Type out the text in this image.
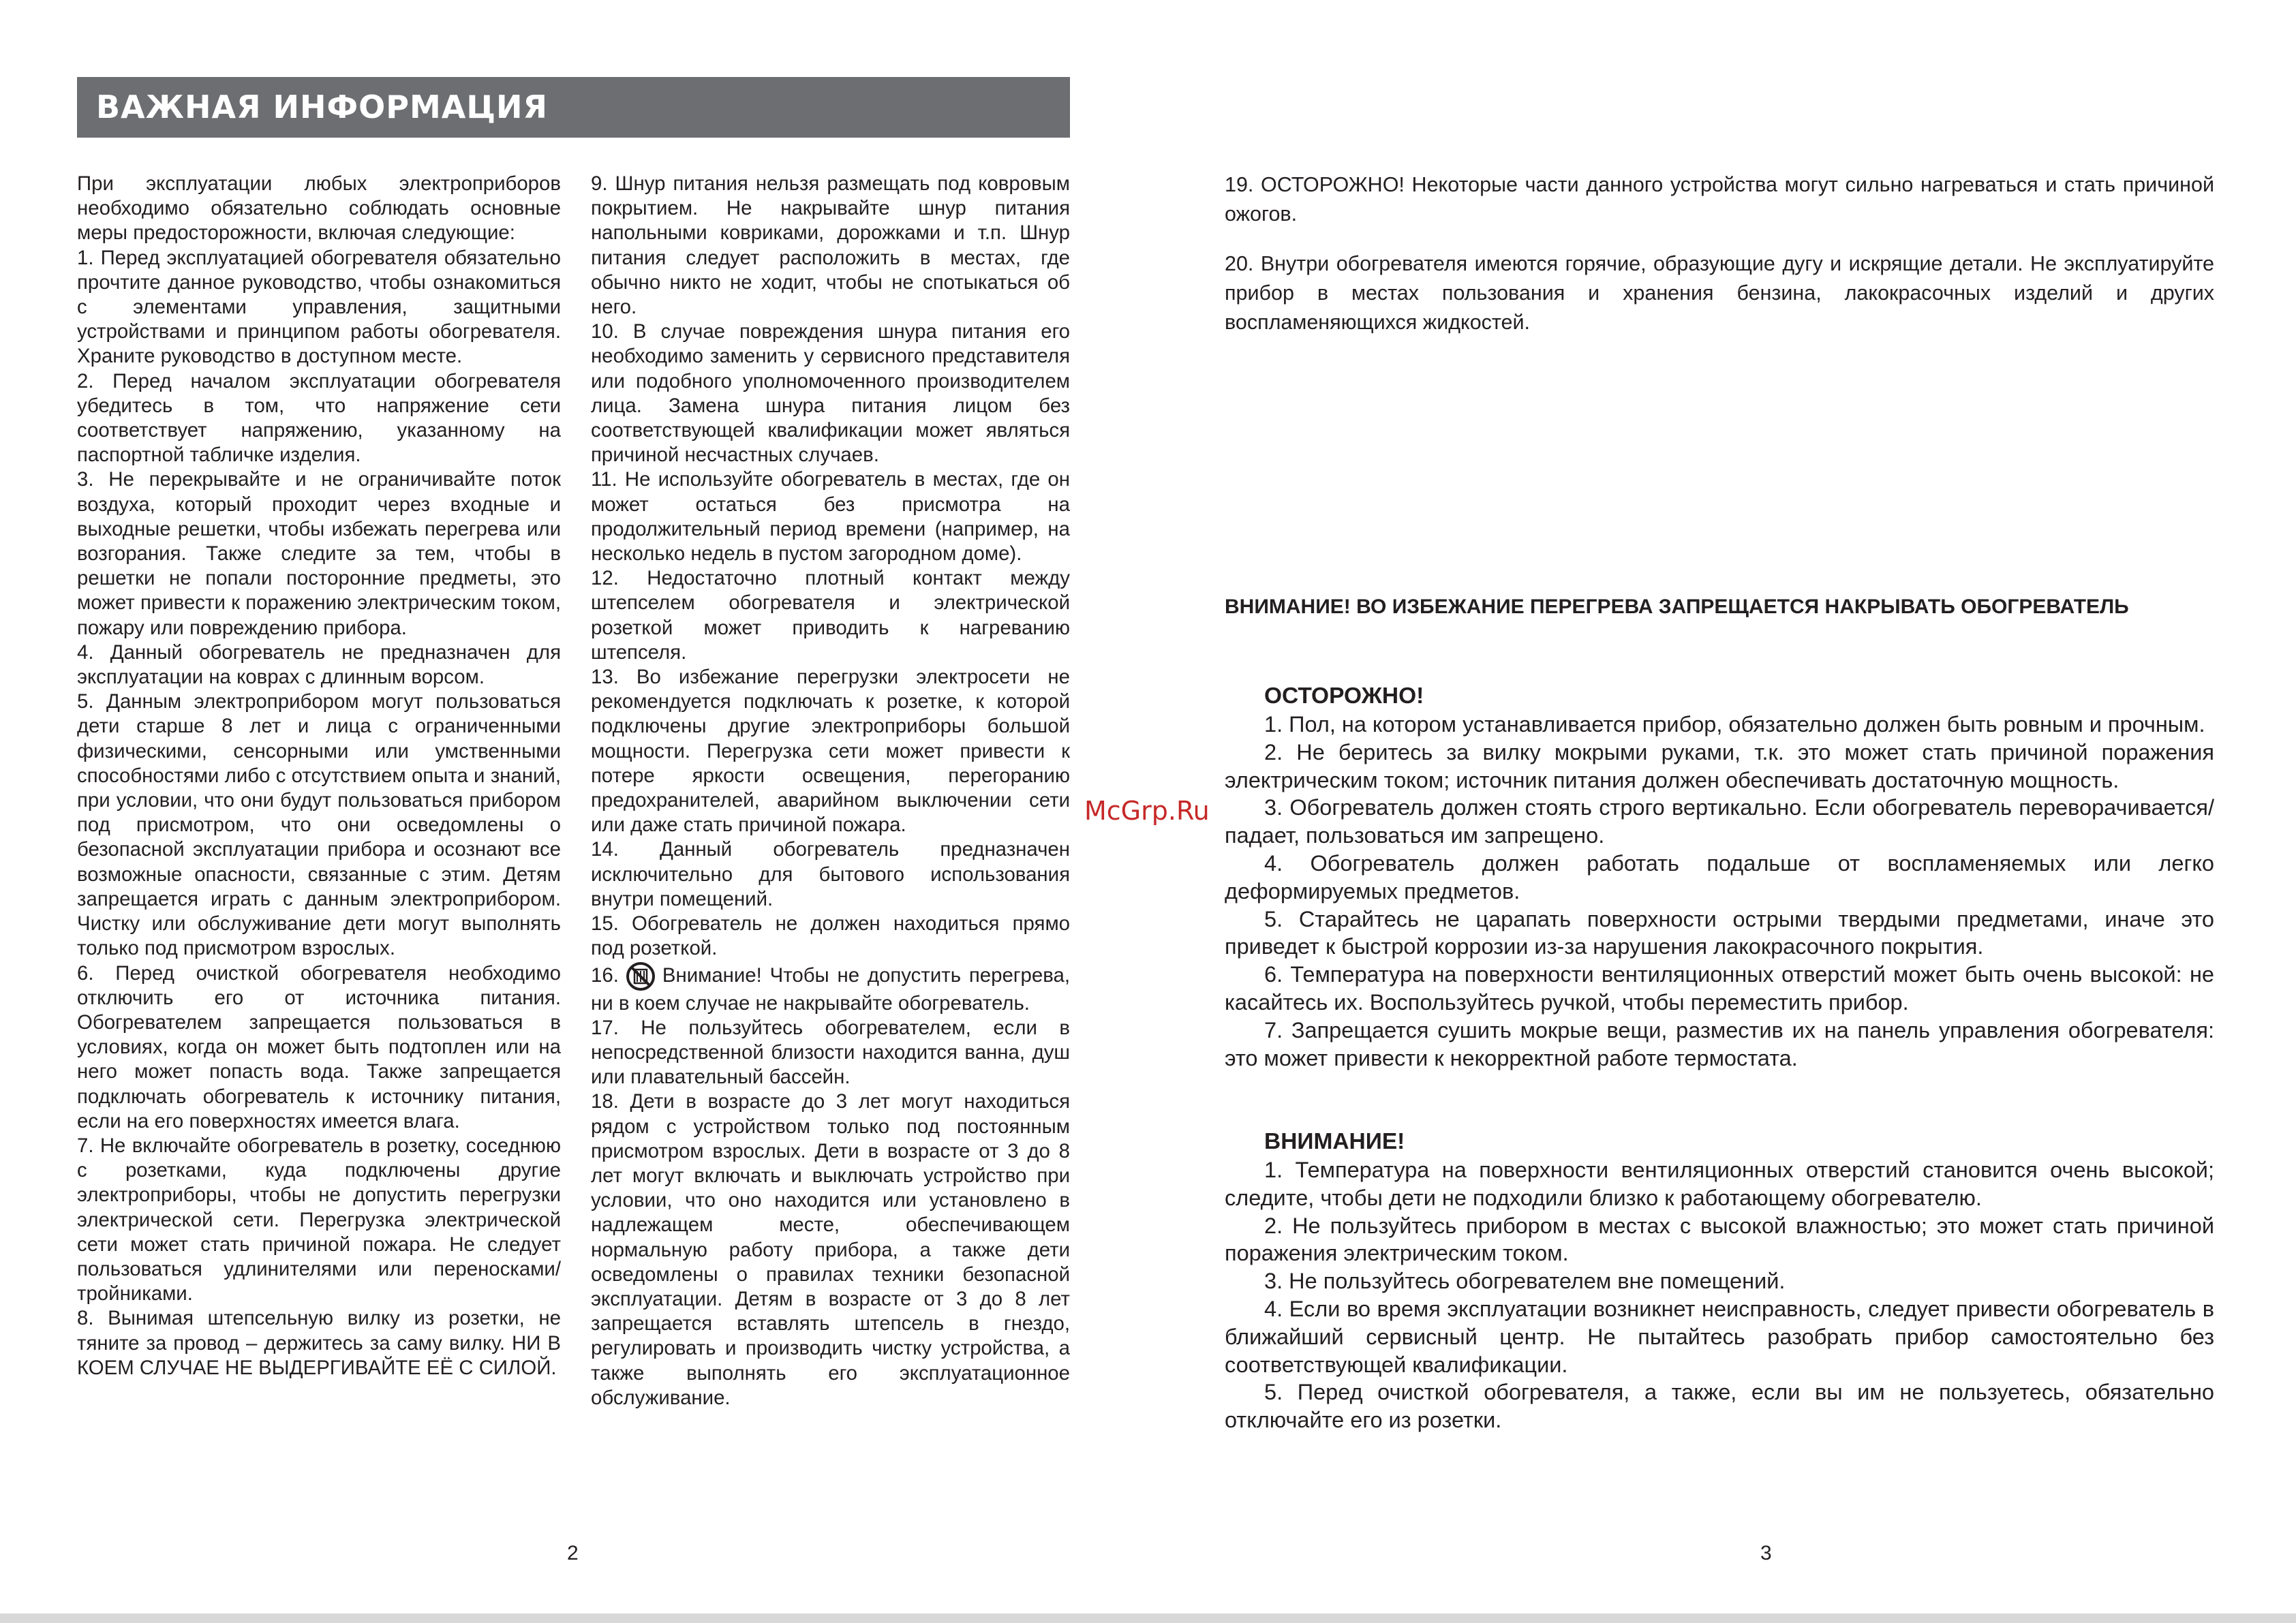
ВАЖНАЯ ИНФОРМАЦИЯ

При эксплуатации любых электроприборов необходимо обязательно соблюдать основные меры предосторожности, включая следующие:

1. Перед эксплуатацией обогревателя обязательно прочтите данное руководство, чтобы ознакомиться с элементами управления, защитными устройствами и принципом работы обогревателя. Храните руководство в доступном месте.

2. Перед началом эксплуатации обогревателя убедитесь в том, что напряжение сети соответствует напряжению, указанному на паспортной табличке изделия.

3. Не перекрывайте и не ограничивайте поток воздуха, который проходит через входные и выходные решетки, чтобы избежать перегрева или возгорания. Также следите за тем, чтобы в решетки не попали посторонние предметы, это может привести к поражению электрическим током, пожару или повреждению прибора.

4. Данный обогреватель не предназначен для эксплуатации на коврах с длинным ворсом.

5. Данным электроприбором могут пользоваться дети старше 8 лет и лица с ограниченными физическими, сенсорными или умственными способностями либо с отсутствием опыта и знаний, при условии, что они будут пользоваться прибором под присмотром, что они осведомлены о безопасной эксплуатации прибора и осознают все возможные опасности, связанные с этим. Детям запрещается играть с данным электроприбором. Чистку или обслуживание дети могут выполнять только под присмотром взрослых.

6. Перед очисткой обогревателя необходимо отключить его от источника питания. Обогревателем запрещается пользоваться в условиях, когда он может быть подтоплен или на него может попасть вода. Также запрещается подключать обогреватель к источнику питания, если на его поверхностях имеется влага.

7. Не включайте обогреватель в розетку, соседнюю с розетками, куда подключены другие электроприборы, чтобы не допустить перегрузки электрической сети. Перегрузка электрической сети может стать причиной пожара. Не следует пользоваться удлинителями или переносками/тройниками.

8. Вынимая штепсельную вилку из розетки, не тяните за провод – держитесь за саму вилку. НИ В КОЕМ СЛУЧАЕ НЕ ВЫДЕРГИВАЙТЕ ЕЁ С СИЛОЙ.

9. Шнур питания нельзя размещать под ковровым покрытием. Не накрывайте шнур питания напольными ковриками, дорожками и т.п. Шнур питания следует расположить в местах, где обычно никто не ходит, чтобы не спотыкаться об него.

10. В случае повреждения шнура питания его необходимо заменить у сервисного представителя или подобного уполномоченного производителем лица. Замена шнура питания лицом без соответствующей квалификации может являться причиной несчастных случаев.

11. Не используйте обогреватель в местах, где он может остаться без присмотра на продолжительный период времени (например, на несколько недель в пустом загородном доме).

12. Недостаточно плотный контакт между штепселем обогревателя и электрической розеткой может приводить к нагреванию штепселя.

13. Во избежание перегрузки электросети не рекомендуется подключать к розетке, к которой подключены другие электроприборы большой мощности. Перегрузка сети может привести к потере яркости освещения, перегоранию предохранителей, аварийном выключении сети или даже стать причиной пожара.

14. Данный обогреватель предназначен исключительно для бытового использования внутри помещений.

15. Обогреватель не должен находиться прямо под розеткой.

16. Внимание! Чтобы не допустить перегрева, ни в коем случае не накрывайте обогреватель.

17. Не пользуйтесь обогревателем, если в непосредственной близости находится ванна, душ или плавательный бассейн.

18. Дети в возрасте до 3 лет могут находиться рядом с устройством только под постоянным присмотром взрослых. Дети в возрасте от 3 до 8 лет могут включать и выключать устройство при условии, что оно находится или установлено в надлежащем месте, обеспечивающем нормальную работу прибора, а также дети осведомлены о правилах техники безопасной эксплуатации. Детям в возрасте от 3 до 8 лет запрещается вставлять штепсель в гнездо, регулировать и производить чистку устройства, а также выполнять его эксплуатационное обслуживание.

19. ОСТОРОЖНО! Некоторые части данного устройства могут сильно нагреваться и стать причиной ожогов.

20. Внутри обогревателя имеются горячие, образующие дугу и искрящие детали. Не эксплуатируйте прибор в местах пользования и хранения бензина, лакокрасочных изделий и других воспламеняющихся жидкостей.

ВНИМАНИЕ! ВО ИЗБЕЖАНИЕ ПЕРЕГРЕВА ЗАПРЕЩАЕТСЯ НАКРЫВАТЬ ОБОГРЕВАТЕЛЬ
ОСТОРОЖНО!

1. Пол, на котором устанавливается прибор, обязательно должен быть ровным и прочным.

2. Не беритесь за вилку мокрыми руками, т.к. это может стать причиной поражения электрическим током; источник питания должен обеспечивать достаточную мощность.

3. Обогреватель должен стоять строго вертикально. Если обогреватель переворачивается/падает, пользоваться им запрещено.

4. Обогреватель должен работать подальше от воспламеняемых или легко деформируемых предметов.

5. Старайтесь не царапать поверхности острыми твердыми предметами, иначе это приведет к быстрой коррозии из-за нарушения лакокрасочного покрытия.

6. Температура на поверхности вентиляционных отверстий может быть очень высокой: не касайтесь их. Воспользуйтесь ручкой, чтобы переместить прибор.

7. Запрещается сушить мокрые вещи, разместив их на панель управления обогревателя: это может привести к некорректной работе термостата.

ВНИМАНИЕ!

1. Температура на поверхности вентиляционных отверстий становится очень высокой; следите, чтобы дети не подходили близко к работающему обогревателю.

2. Не пользуйтесь прибором в местах с высокой влажностью; это может стать причиной поражения электрическим током.

3. Не пользуйтесь обогревателем вне помещений.

4. Если во время эксплуатации возникнет неисправность, следует привести обогреватель в ближайший сервисный центр. Не пытайтесь разобрать прибор самостоятельно без соответствующей квалификации.

5. Перед очисткой обогревателя, а также, если вы им не пользуетесь, обязательно отключайте его из розетки.

McGrp.Ru
2	3
